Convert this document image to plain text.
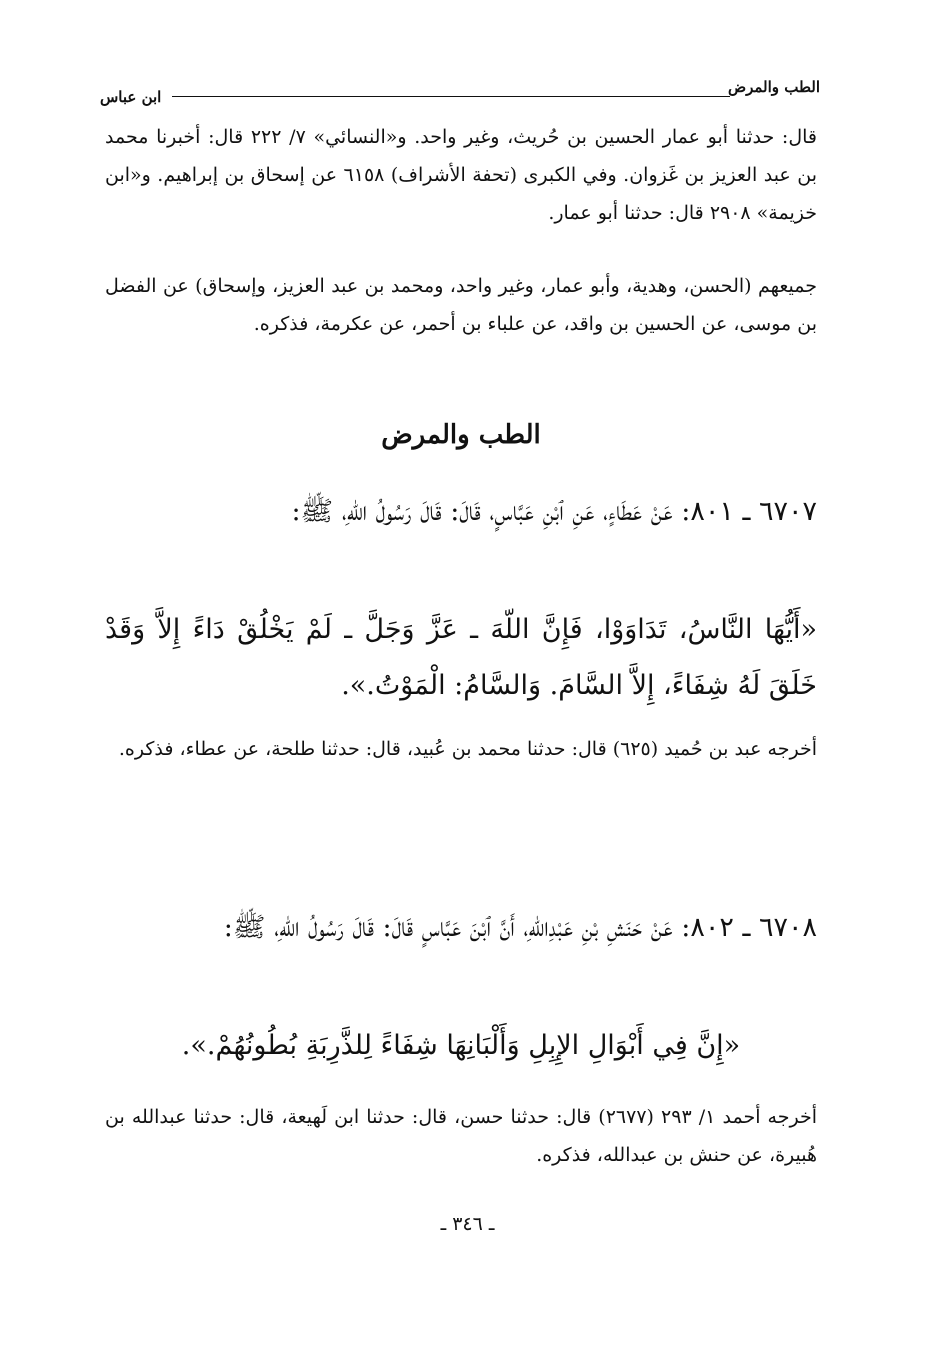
الطب والمرض
ابن عباس

قال: حدثنا أبو عمار الحسين بن حُريث، وغير واحد. و«النسائي» ٧/ ٢٢٢ قال: أخبرنا محمد بن عبد العزيز بن غَزوان. وفي الكبرى (تحفة الأشراف) ٦١٥٨ عن إسحاق بن إبراهيم. و«ابن خزيمة» ٢٩٠٨ قال: حدثنا أبو عمار.

جميعهم (الحسن، وهدية، وأبو عمار، وغير واحد، ومحمد بن عبد العزيز، وإسحاق) عن الفضل بن موسى، عن الحسين بن واقد، عن علباء بن أحمر، عن عكرمة، فذكره.

الطب والمرض

٦٧٠٧ ـ ٨٠١: عَنْ عَطَاءٍ، عَنِ ٱبْنِ عَبَّاسٍ، قَالَ: قَالَ رَسُولُ اللّهِ، ﷺ:

«أَيُّهَا النَّاسُ، تَدَاوَوْا، فَإِنَّ اللّهَ ـ عَزَّ وَجَلَّ ـ لَمْ يَخْلُقْ دَاءً إِلاَّ وَقَدْ خَلَقَ لَهُ شِفَاءً، إِلاَّ السَّامَ. وَالسَّامُ: الْمَوْتُ.».

أخرجه عبد بن حُميد (٦٢٥) قال: حدثنا محمد بن عُبيد، قال: حدثنا طلحة، عن عطاء، فذكره.

٦٧٠٨ ـ ٨٠٢: عَنْ حَنَشِ بْنِ عَبْدِاللّهِ، أَنَّ ٱبْنَ عَبَّاسٍ قَالَ: قَالَ رَسُولُ اللّهِ، ﷺ:

«إِنَّ فِي أَبْوَالِ الإِبِلِ وَأَلْبَانِهَا شِفَاءً لِلذَّرِبَةِ بُطُونُهُمْ.».

أخرجه أحمد ١/ ٢٩٣ (٢٦٧٧) قال: حدثنا حسن، قال: حدثنا ابن لَهيعة، قال: حدثنا عبدالله بن هُبيرة، عن حنش بن عبدالله، فذكره.

ـ ٣٤٦ ـ
